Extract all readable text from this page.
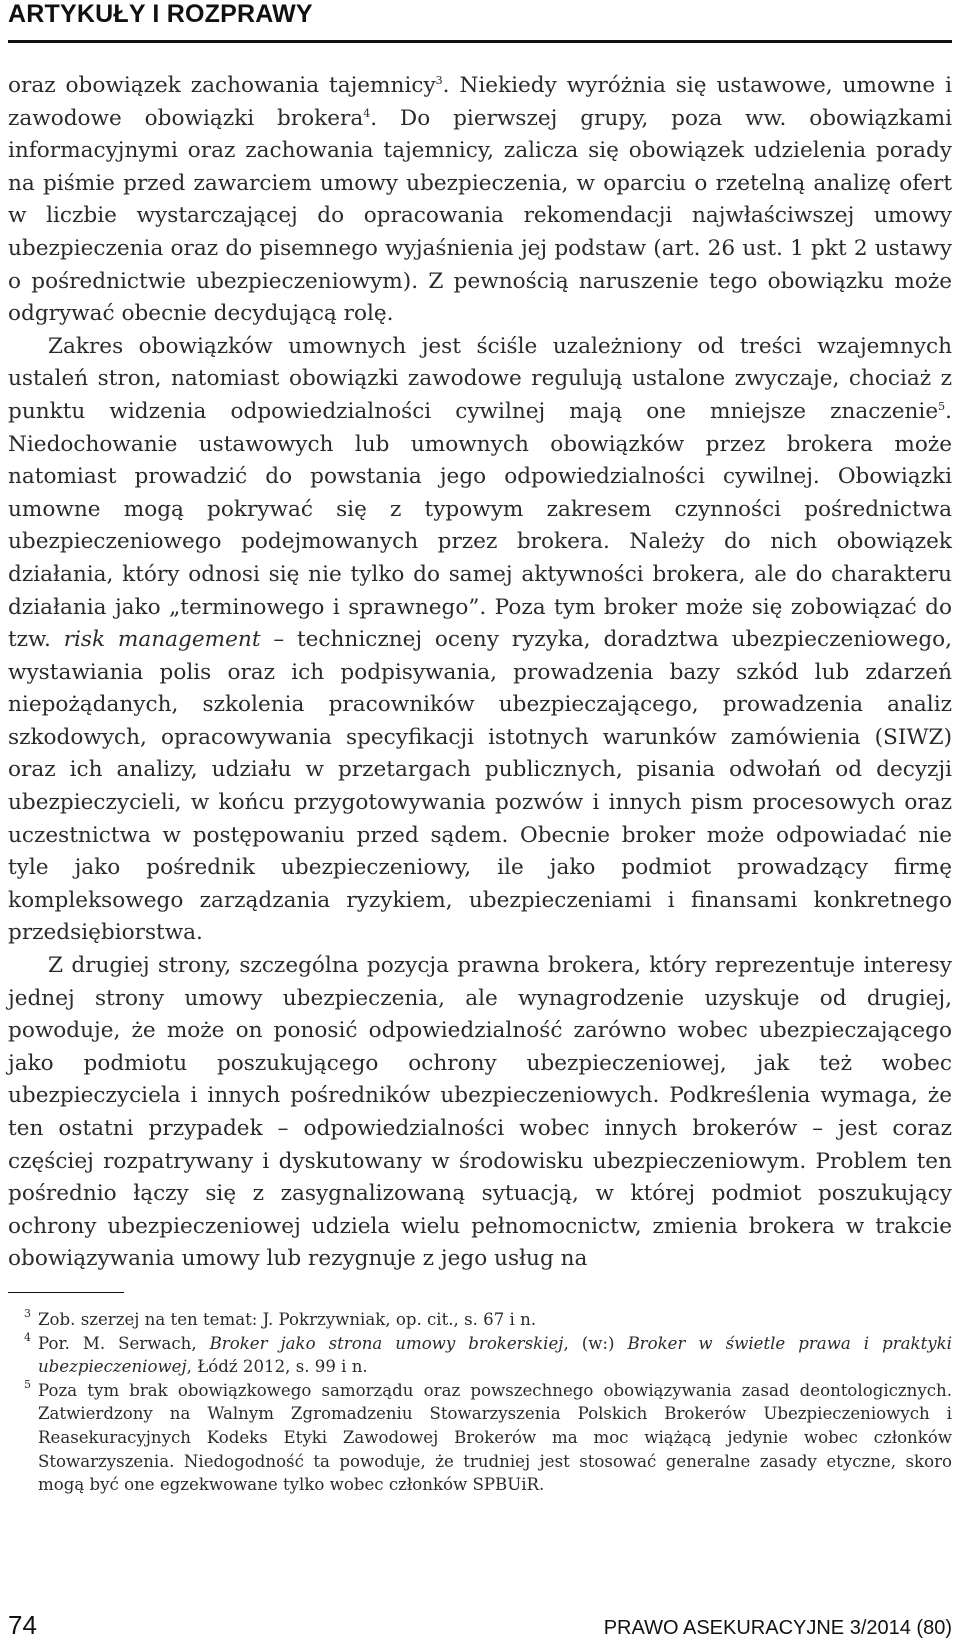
ARTYKUŁY I ROZPRAWY

oraz obowiązek zachowania tajemnicy$^3$. Niekiedy wyróżnia się ustawowe, umowne i zawodowe obowiązki brokera$^4$. Do pierwszej grupy, poza ww. obowiązkami informacyjnymi oraz zachowania tajemnicy, zalicza się obowiązek udzielenia porady na piśmie przed zawarciem umowy ubezpieczenia, w oparciu o rzetelną analizę ofert w liczbie wystarczającej do opracowania rekomendacji najwłaściwszej umowy ubezpieczenia oraz do pisemnego wyjaśnienia jej podstaw (art. 26 ust. 1 pkt 2 ustawy o pośrednictwie ubezpieczeniowym). Z pewnością naruszenie tego obowiązku może odgrywać obecnie decydującą rolę.

Zakres obowiązków umownych jest ściśle uzależniony od treści wzajemnych ustaleń stron, natomiast obowiązki zawodowe regulują ustalone zwyczaje, chociaż z punktu widzenia odpowiedzialności cywilnej mają one mniejsze znaczenie$^5$. Niedochowanie ustawowych lub umownych obowiązków przez brokera może natomiast prowadzić do powstania jego odpowiedzialności cywilnej. Obowiązki umowne mogą pokrywać się z typowym zakresem czynności pośrednictwa ubezpieczeniowego podejmowanych przez brokera. Należy do nich obowiązek działania, który odnosi się nie tylko do samej aktywności brokera, ale do charakteru działania jako „terminowego i sprawnego”. Poza tym broker może się zobowiązać do tzw. risk management – technicznej oceny ryzyka, doradztwa ubezpieczeniowego, wystawiania polis oraz ich podpisywania, prowadzenia bazy szkód lub zdarzeń niepożądanych, szkolenia pracowników ubezpieczającego, prowadzenia analiz szkodowych, opracowywania specyfikacji istotnych warunków zamówienia (SIWZ) oraz ich analizy, udziału w przetargach publicznych, pisania odwołań od decyzji ubezpieczycieli, w końcu przygotowywania pozwów i innych pism procesowych oraz uczestnictwa w postępowaniu przed sądem. Obecnie broker może odpowiadać nie tyle jako pośrednik ubezpieczeniowy, ile jako podmiot prowadzący firmę kompleksowego zarządzania ryzykiem, ubezpieczeniami i finansami konkretnego przedsiębiorstwa.

Z drugiej strony, szczególna pozycja prawna brokera, który reprezentuje interesy jednej strony umowy ubezpieczenia, ale wynagrodzenie uzyskuje od drugiej, powoduje, że może on ponosić odpowiedzialność zarówno wobec ubezpieczającego jako podmiotu poszukującego ochrony ubezpieczeniowej, jak też wobec ubezpieczyciela i innych pośredników ubezpieczeniowych. Podkreślenia wymaga, że ten ostatni przypadek – odpowiedzialności wobec innych brokerów – jest coraz częściej rozpatrywany i dyskutowany w środowisku ubezpieczeniowym. Problem ten pośrednio łączy się z zasygnalizowaną sytuacją, w której podmiot poszukujący ochrony ubezpieczeniowej udziela wielu pełnomocnictw, zmienia brokera w trakcie obowiązywania umowy lub rezygnuje z jego usług na

3 Zob. szerzej na ten temat: J. Pokrzywniak, op. cit., s. 67 i n.

4 Por. M. Serwach, Broker jako strona umowy brokerskiej, (w:) Broker w świetle prawa i praktyki ubezpieczeniowej, Łódź 2012, s. 99 i n.

5 Poza tym brak obowiązkowego samorządu oraz powszechnego obowiązywania zasad deontologicznych. Zatwierdzony na Walnym Zgromadzeniu Stowarzyszenia Polskich Brokerów Ubezpieczeniowych i Reasekuracyjnych Kodeks Etyki Zawodowej Brokerów ma moc wiążącą jedynie wobec członków Stowarzyszenia. Niedogodność ta powoduje, że trudniej jest stosować generalne zasady etyczne, skoro mogą być one egzekwowane tylko wobec członków SPBUiR.

74	PRAWO ASEKURACYJNE 3/2014 (80)
